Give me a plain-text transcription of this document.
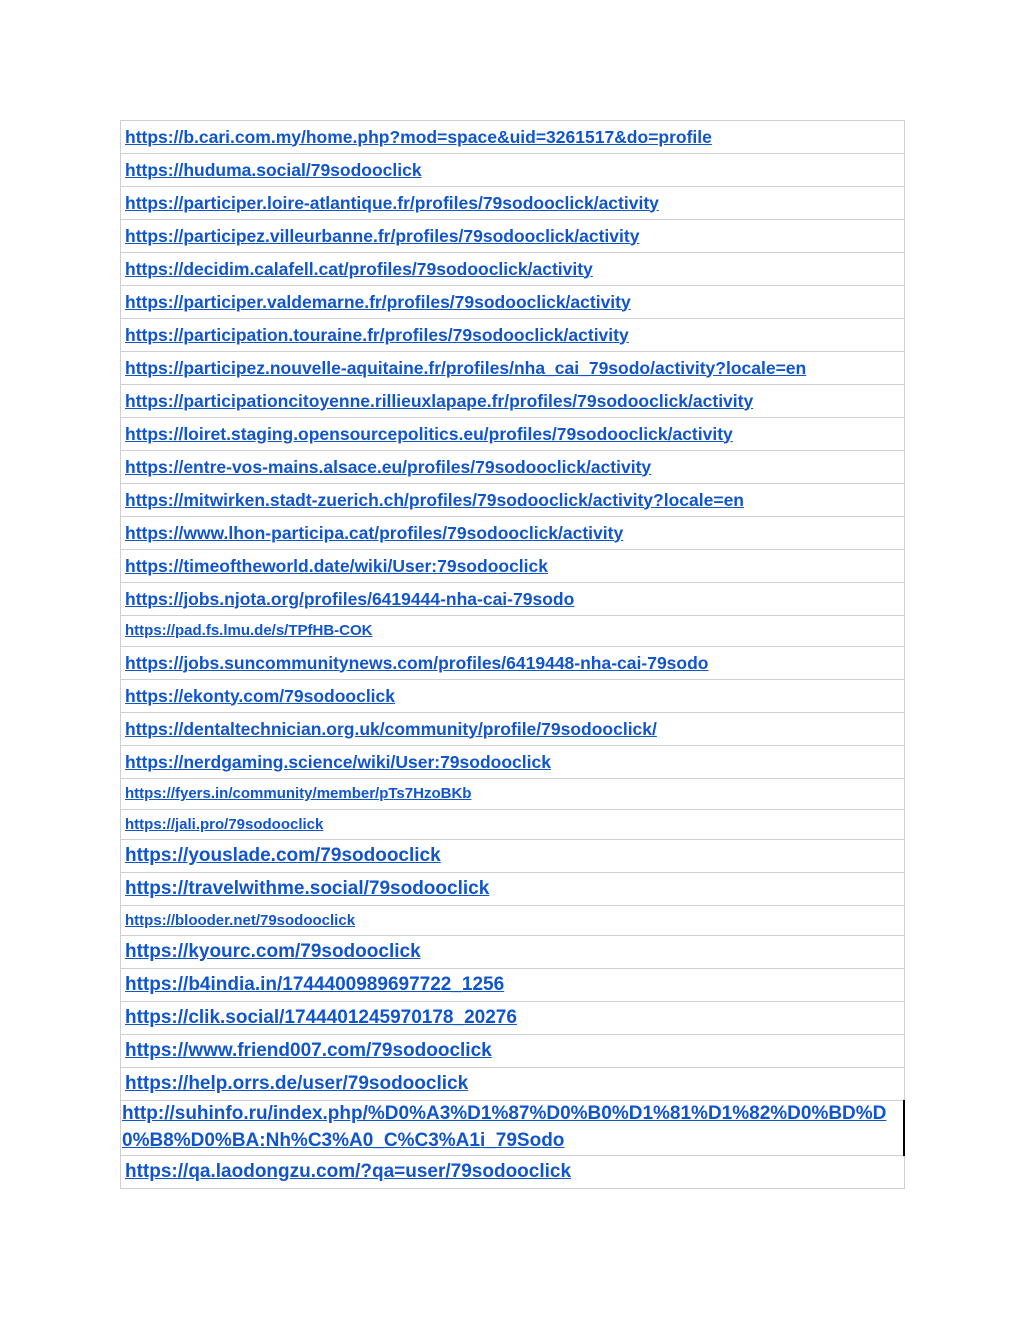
https://b.cari.com.my/home.php?mod=space&uid=3261517&do=profile
https://huduma.social/79sodooclick
https://participer.loire-atlantique.fr/profiles/79sodooclick/activity
https://participez.villeurbanne.fr/profiles/79sodooclick/activity
https://decidim.calafell.cat/profiles/79sodooclick/activity
https://participer.valdemarne.fr/profiles/79sodooclick/activity
https://participation.touraine.fr/profiles/79sodooclick/activity
https://participez.nouvelle-aquitaine.fr/profiles/nha_cai_79sodo/activity?locale=en
https://participationcitoyenne.rillieuxlapape.fr/profiles/79sodooclick/activity
https://loiret.staging.opensourcepolitics.eu/profiles/79sodooclick/activity
https://entre-vos-mains.alsace.eu/profiles/79sodooclick/activity
https://mitwirken.stadt-zuerich.ch/profiles/79sodooclick/activity?locale=en
https://www.lhon-participa.cat/profiles/79sodooclick/activity
https://timeoftheworld.date/wiki/User:79sodooclick
https://jobs.njota.org/profiles/6419444-nha-cai-79sodo
https://pad.fs.lmu.de/s/TPfHB-COK
https://jobs.suncommunitynews.com/profiles/6419448-nha-cai-79sodo
https://ekonty.com/79sodooclick
https://dentaltechnician.org.uk/community/profile/79sodooclick/
https://nerdgaming.science/wiki/User:79sodooclick
https://fyers.in/community/member/pTs7HzoBKb
https://jali.pro/79sodooclick
https://youslade.com/79sodooclick
https://travelwithme.social/79sodooclick
https://blooder.net/79sodooclick
https://kyourc.com/79sodooclick
https://b4india.in/1744400989697722_1256
https://clik.social/1744401245970178_20276
https://www.friend007.com/79sodooclick
https://help.orrs.de/user/79sodooclick
http://suhinfo.ru/index.php/%D0%A3%D1%87%D0%B0%D1%81%D1%82%D0%BD%D0%B8%D0%BA:Nh%C3%A0_C%C3%A1i_79Sodo
https://qa.laodongzu.com/?qa=user/79sodooclick
